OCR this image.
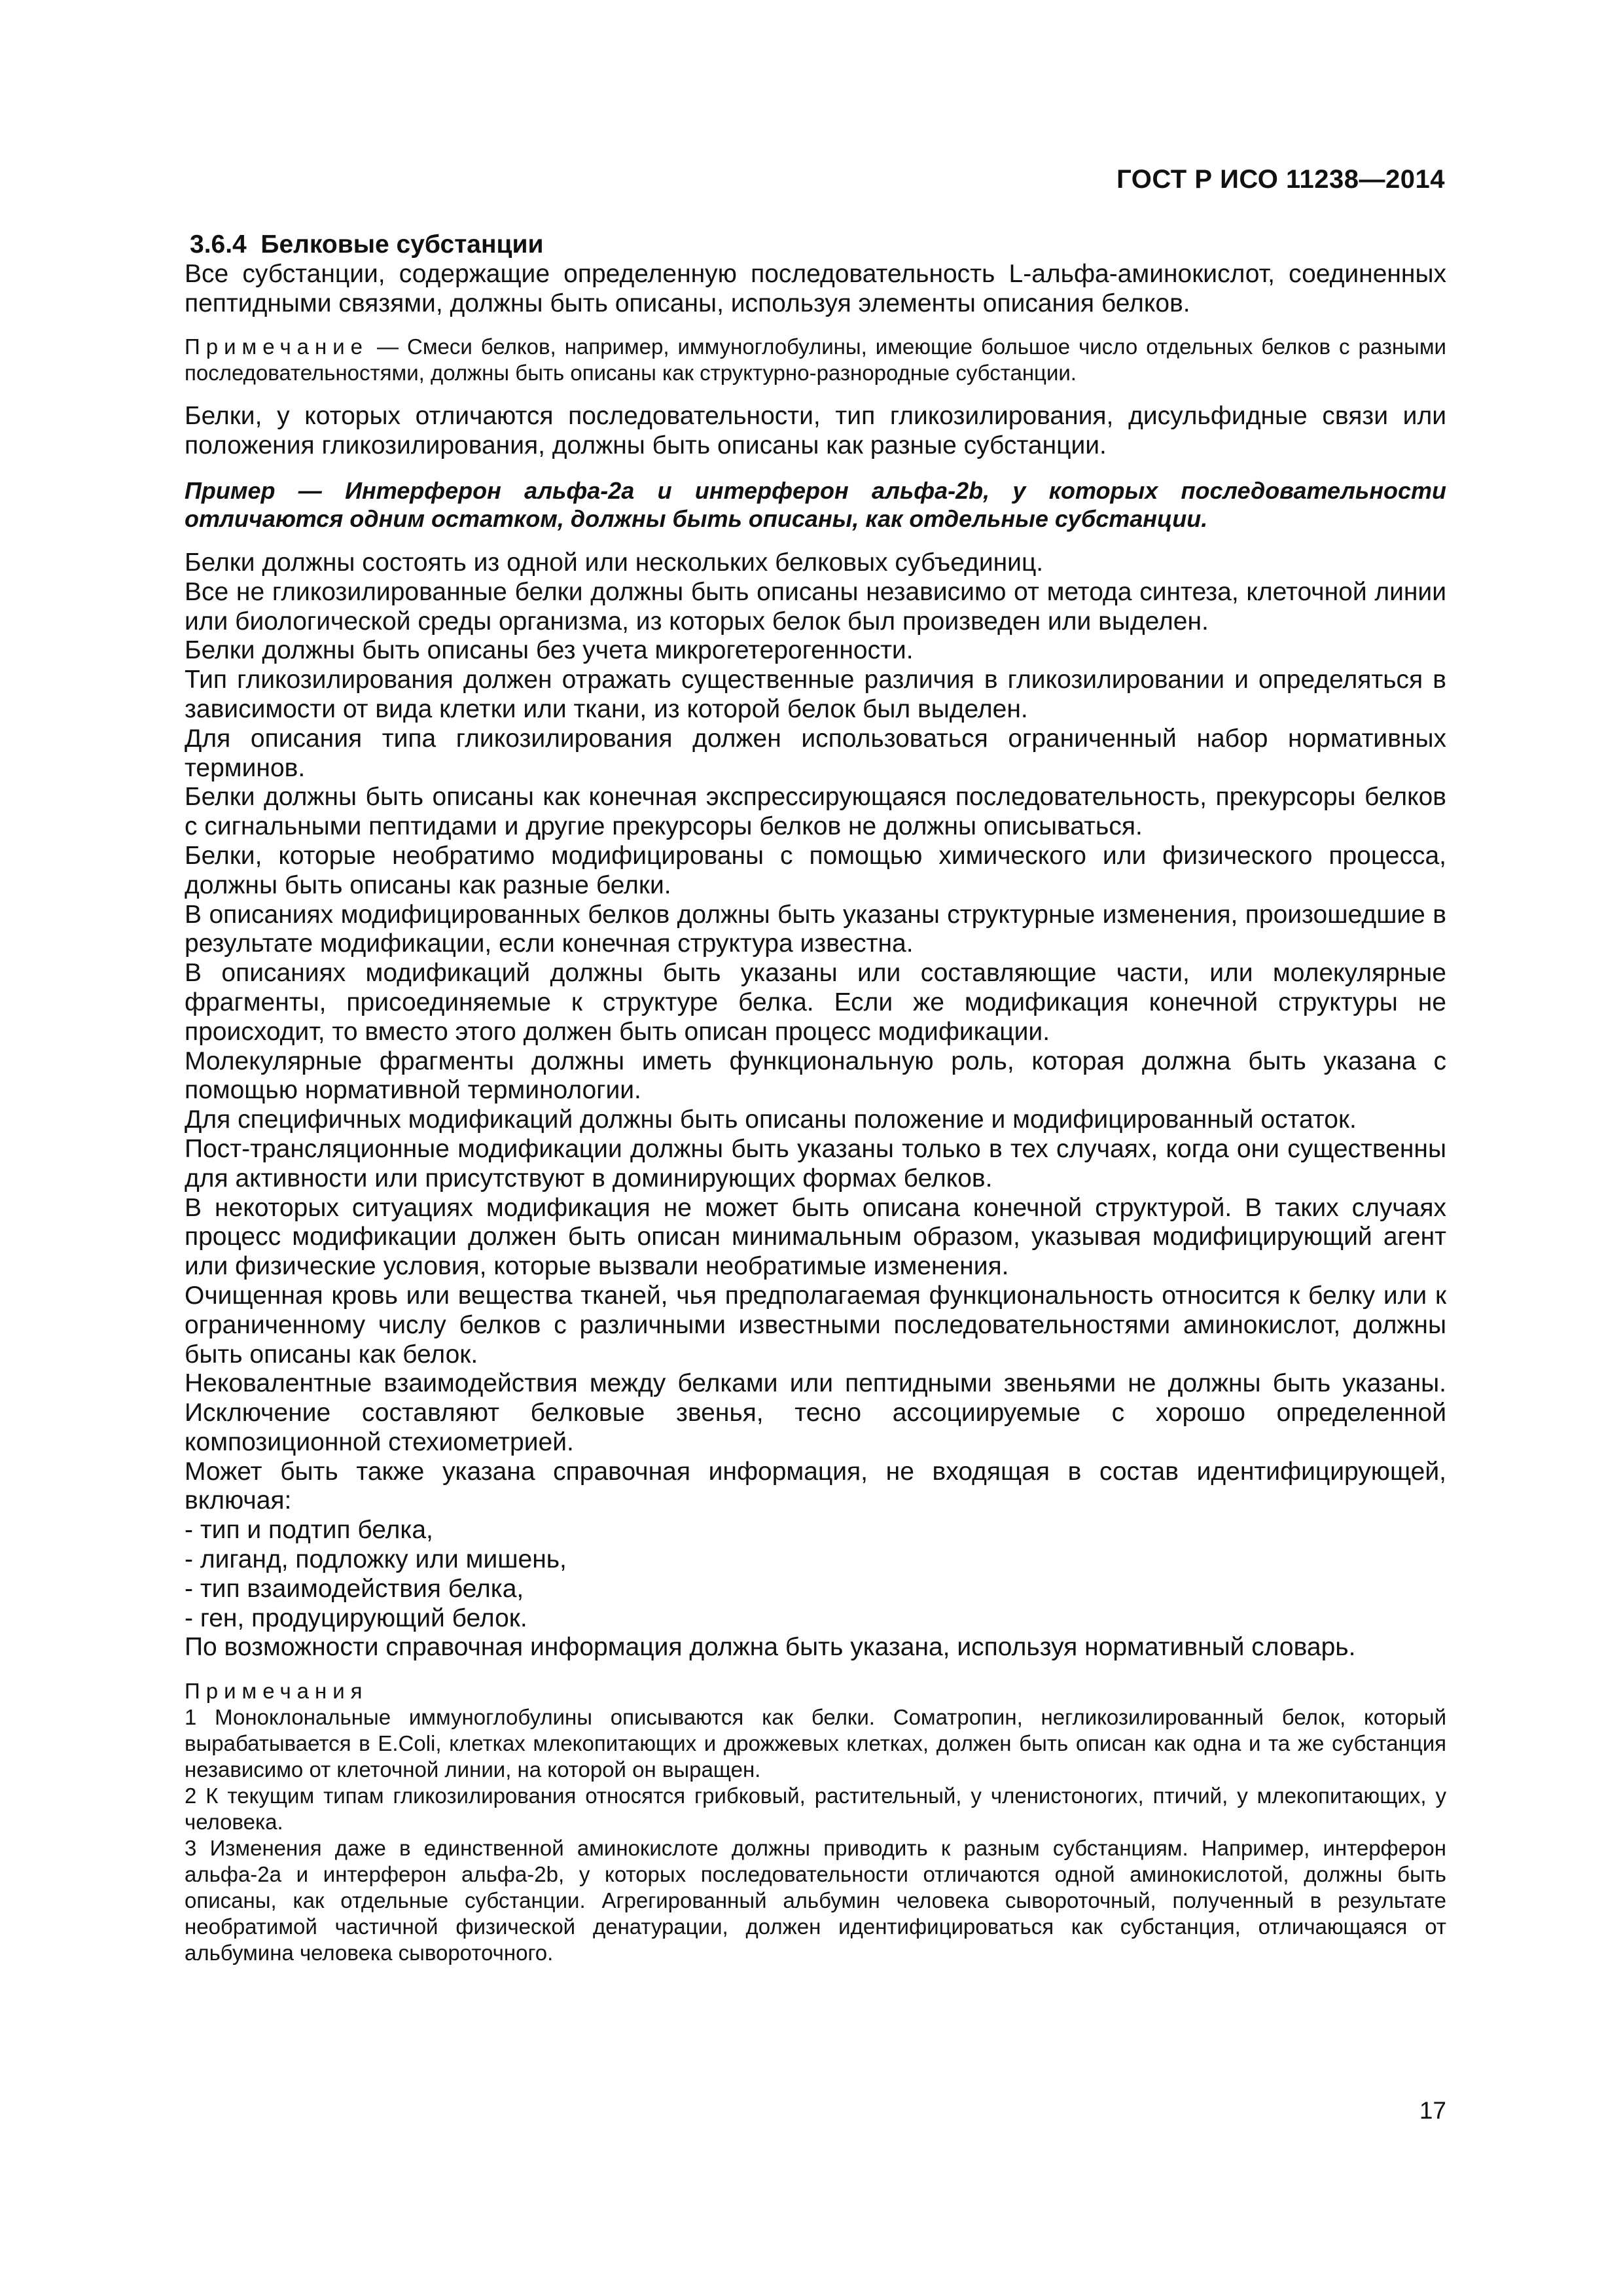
ГОСТ Р ИСО 11238—2014

3.6.4 Белковые субстанции

Все субстанции, содержащие определенную последовательность L-альфа-аминокислот, соединенных пептидными связями, должны быть описаны, используя элементы описания белков.

Примечание — Смеси белков, например, иммуноглобулины, имеющие большое число отдельных белков с разными последовательностями, должны быть описаны как структурно-разнородные субстанции.

Белки, у которых отличаются последовательности, тип гликозилирования, дисульфидные связи или положения гликозилирования, должны быть описаны как разные субстанции.

Пример — Интерферон альфа-2a и интерферон альфа-2b, у которых последовательности отличаются одним остатком, должны быть описаны, как отдельные субстанции.

Белки должны состоять из одной или нескольких белковых субъединиц.

Все не гликозилированные белки должны быть описаны независимо от метода синтеза, клеточной линии или биологической среды организма, из которых белок был произведен или выделен.

Белки должны быть описаны без учета микрогетерогенности.

Тип гликозилирования должен отражать существенные различия в гликозилировании и определяться в зависимости от вида клетки или ткани, из которой белок был выделен.

Для описания типа гликозилирования должен использоваться ограниченный набор нормативных терминов.

Белки должны быть описаны как конечная экспрессирующаяся последовательность, прекурсоры белков с сигнальными пептидами и другие прекурсоры белков не должны описываться.

Белки, которые необратимо модифицированы с помощью химического или физического процесса, должны быть описаны как разные белки.

В описаниях модифицированных белков должны быть указаны структурные изменения, произошедшие в результате модификации, если конечная структура известна.

В описаниях модификаций должны быть указаны или составляющие части, или молекулярные фрагменты, присоединяемые к структуре белка. Если же модификация конечной структуры не происходит, то вместо этого должен быть описан процесс модификации.

Молекулярные фрагменты должны иметь функциональную роль, которая должна быть указана с помощью нормативной терминологии.

Для специфичных модификаций должны быть описаны положение и модифицированный остаток.

Пост-трансляционные модификации должны быть указаны только в тех случаях, когда они существенны для активности или присутствуют в доминирующих формах белков.

В некоторых ситуациях модификация не может быть описана конечной структурой. В таких случаях процесс модификации должен быть описан минимальным образом, указывая модифицирующий агент или физические условия, которые вызвали необратимые изменения.

Очищенная кровь или вещества тканей, чья предполагаемая функциональность относится к белку или к ограниченному числу белков с различными известными последовательностями аминокислот, должны быть описаны как белок.

Нековалентные взаимодействия между белками или пептидными звеньями не должны быть указаны. Исключение составляют белковые звенья, тесно ассоциируемые с хорошо определенной композиционной стехиометрией.

Может быть также указана справочная информация, не входящая в состав идентифицирующей, включая:

- тип и подтип белка,

- лиганд, подложку или мишень,

- тип взаимодействия белка,

- ген, продуцирующий белок.

По возможности справочная информация должна быть указана, используя нормативный словарь.

Примечания

1 Моноклональные иммуноглобулины описываются как белки. Соматропин, негликозилированный белок, который вырабатывается в E.Coli, клетках млекопитающих и дрожжевых клетках, должен быть описан как одна и та же субстанция независимо от клеточной линии, на которой он выращен.

2 К текущим типам гликозилирования относятся грибковый, растительный, у членистоногих, птичий, у млекопитающих, у человека.

3 Изменения даже в единственной аминокислоте должны приводить к разным субстанциям. Например, интерферон альфа-2a и интерферон альфа-2b, у которых последовательности отличаются одной аминокислотой, должны быть описаны, как отдельные субстанции. Агрегированный альбумин человека сывороточный, полученный в результате необратимой частичной физической денатурации, должен идентифицироваться как субстанция, отличающаяся от альбумина человека сывороточного.

17
